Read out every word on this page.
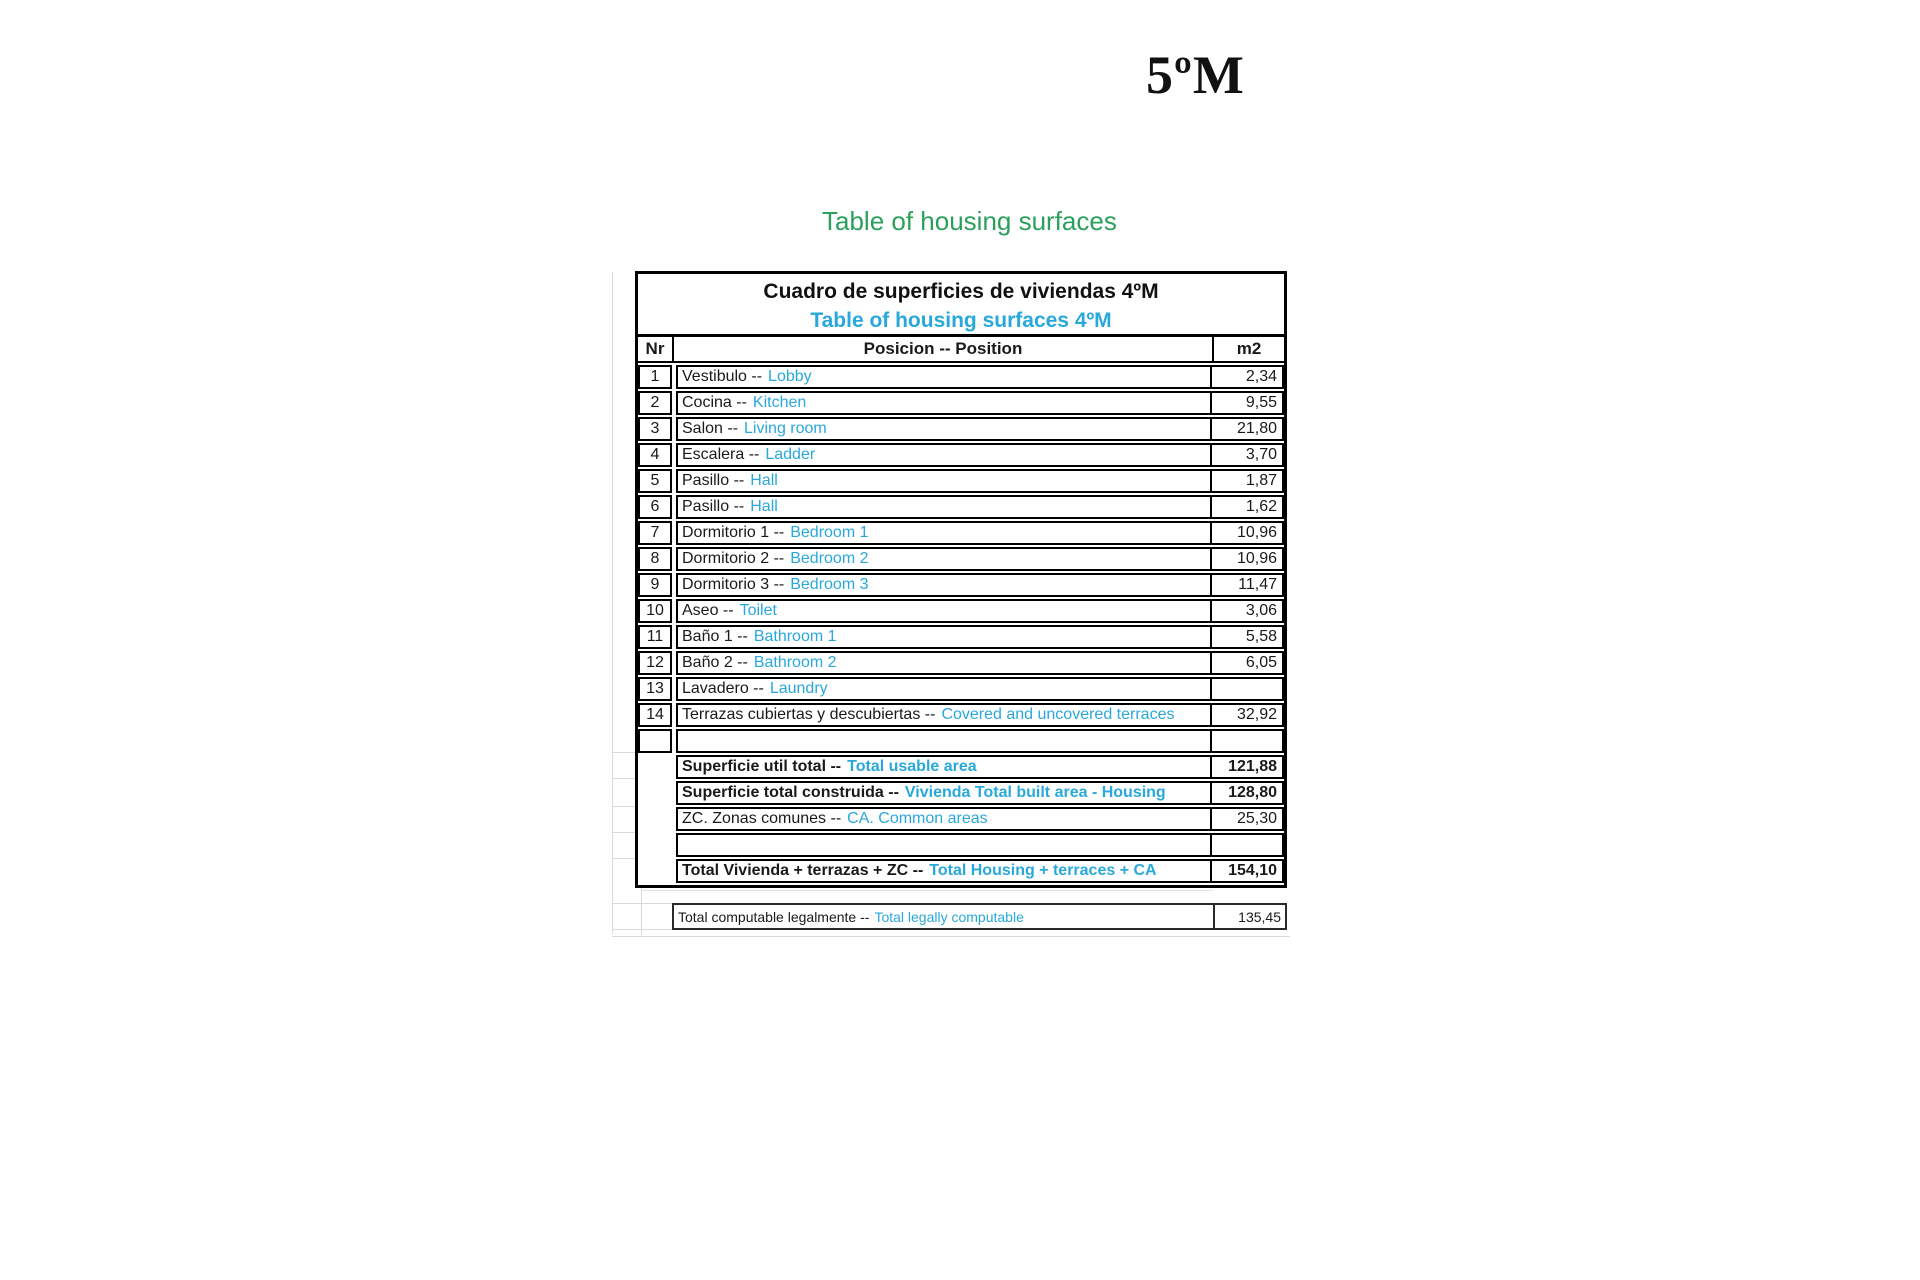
5ºM
Table of housing surfaces
Cuadro de superficies de viviendas 4ºM
Table of housing surfaces 4ºM
Nr	Posicion -- Position	m2
1	Vestibulo -- Lobby	2,34
2	Cocina -- Kitchen	9,55
3	Salon -- Living room	21,80
4	Escalera -- Ladder	3,70
5	Pasillo -- Hall	1,87
6	Pasillo -- Hall	1,62
7	Dormitorio 1 -- Bedroom 1	10,96
8	Dormitorio 2 -- Bedroom 2	10,96
9	Dormitorio 3 -- Bedroom 3	11,47
10	Aseo -- Toilet	3,06
11	Baño 1 -- Bathroom 1	5,58
12	Baño 2 -- Bathroom 2	6,05
13	Lavadero -- Laundry
14	Terrazas cubiertas y descubiertas -- Covered and uncovered terraces	32,92
Superficie util total -- Total usable area	121,88
Superficie total construida -- Vivienda Total built area - Housing	128,80
ZC. Zonas comunes -- CA. Common areas	25,30
Total Vivienda + terrazas + ZC -- Total Housing + terraces + CA	154,10
Total computable legalmente -- Total legally computable	135,45
